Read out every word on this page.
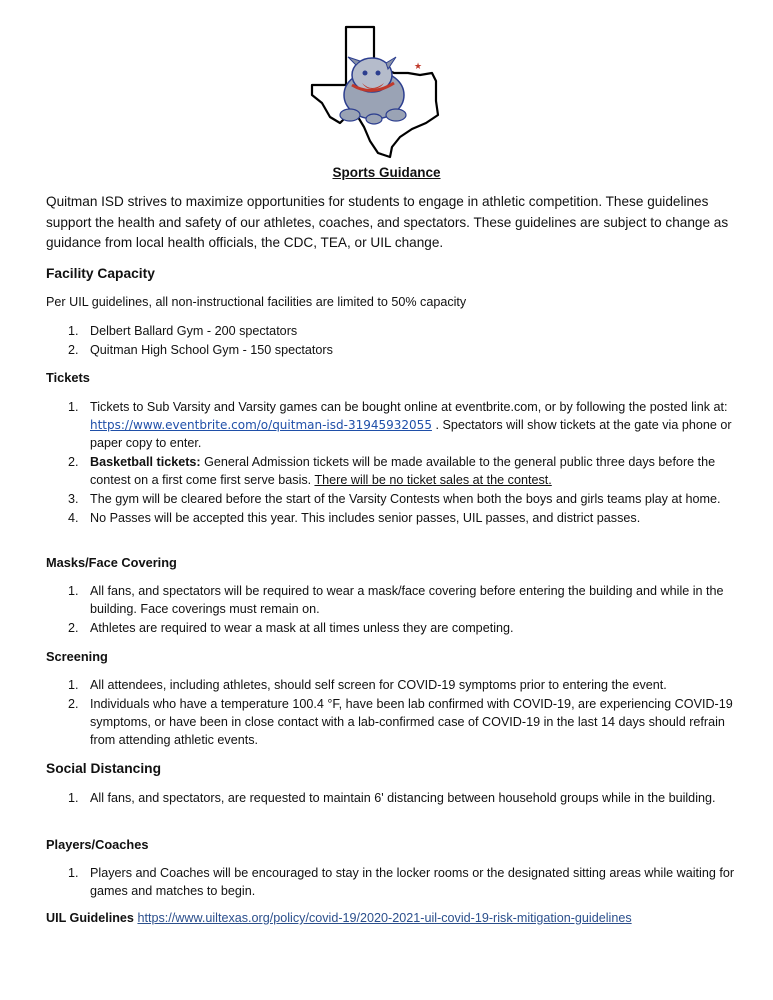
★
Sports Guidance
Quitman ISD strives to maximize opportunities for students to engage in athletic competition. These guidelines support the health and safety of our athletes, coaches, and spectators. These guidelines are subject to change as guidance from local health officials, the CDC, TEA, or UIL change.
Facility Capacity
Per UIL guidelines, all non-instructional facilities are limited to 50% capacity
1. Delbert Ballard Gym - 200 spectators
2. Quitman High School Gym - 150 spectators
Tickets
1. Tickets to Sub Varsity and Varsity games can be bought online at eventbrite.com, or by following the posted link at: https://www.eventbrite.com/o/quitman-isd-31945932055 . Spectators will show tickets at the gate via phone or paper copy to enter.
2. Basketball tickets: General Admission tickets will be made available to the general public three days before the contest on a first come first serve basis. There will be no ticket sales at the contest.
3. The gym will be cleared before the start of the Varsity Contests when both the boys and girls teams play at home.
4. No Passes will be accepted this year. This includes senior passes, UIL passes, and district passes.
Masks/Face Covering
1. All fans, and spectators will be required to wear a mask/face covering before entering the building and while in the building. Face coverings must remain on.
2. Athletes are required to wear a mask at all times unless they are competing.
Screening
1. All attendees, including athletes, should self screen for COVID-19 symptoms prior to entering the event.
2. Individuals who have a temperature 100.4 °F, have been lab confirmed with COVID-19, are experiencing COVID-19 symptoms, or have been in close contact with a lab-confirmed case of COVID-19 in the last 14 days should refrain from attending athletic events.
Social Distancing
1. All fans, and spectators, are requested to maintain 6' distancing between household groups while in the building.
Players/Coaches
1. Players and Coaches will be encouraged to stay in the locker rooms or the designated sitting areas while waiting for games and matches to begin.
UIL Guidelines https://www.uiltexas.org/policy/covid-19/2020-2021-uil-covid-19-risk-mitigation-guidelines
